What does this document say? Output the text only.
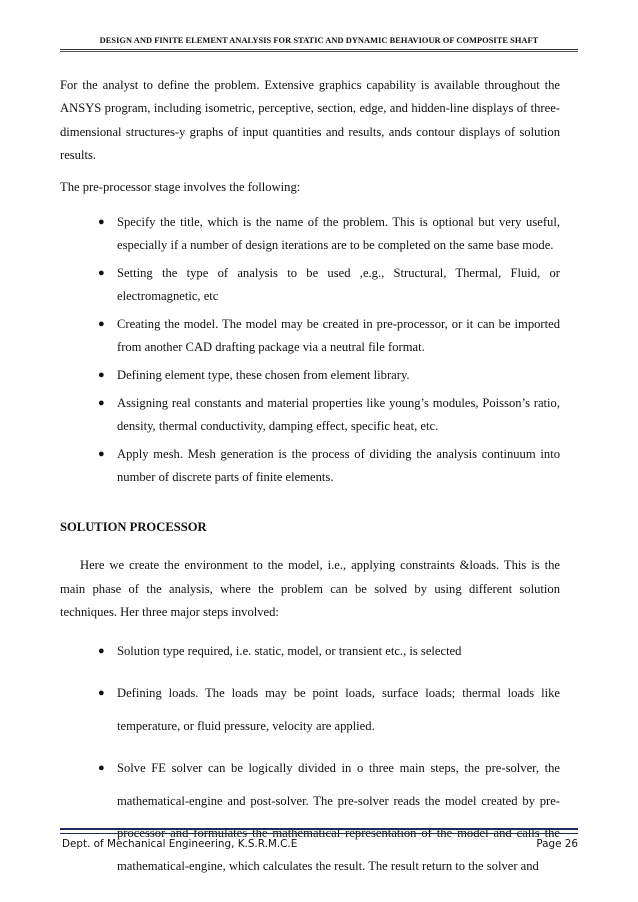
DESIGN AND FINITE ELEMENT ANALYSIS FOR STATIC AND DYNAMIC BEHAVIOUR OF COMPOSITE SHAFT

For the analyst to define the problem. Extensive graphics capability is available throughout the ANSYS program, including isometric, perceptive, section, edge, and hidden-line displays of three-dimensional structures-y graphs of input quantities and results, ands contour displays of solution results.

The pre-processor stage involves the following:

● Specify the title, which is the name of the problem. This is optional but very useful, especially if a number of design iterations are to be completed on the same base mode.
● Setting the type of analysis to be used ,e.g., Structural, Thermal, Fluid, or electromagnetic, etc
● Creating the model. The model may be created in pre-processor, or it can be imported from another CAD drafting package via a neutral file format.
● Defining element type, these chosen from element library.
● Assigning real constants and material properties like young’s modules, Poisson’s ratio, density, thermal conductivity, damping effect, specific heat, etc.
● Apply mesh. Mesh generation is the process of dividing the analysis continuum into number of discrete parts of finite elements.
SOLUTION PROCESSOR

Here we create the environment to the model, i.e., applying constraints &loads. This is the main phase of the analysis, where the problem can be solved by using different solution techniques. Her three major steps involved:

● Solution type required, i.e. static, model, or transient etc., is selected
● Defining loads. The loads may be point loads, surface loads; thermal loads like temperature, or fluid pressure, velocity are applied.
● Solve FE solver can be logically divided in o three main steps, the pre-solver, the mathematical-engine and post-solver. The pre-solver reads the model created by pre-processor and formulates the mathematical representation of the model and calls the mathematical-engine, which calculates the result. The result return to the solver and
Dept. of Mechanical Engineering, K.S.R.M.C.E	Page 26
